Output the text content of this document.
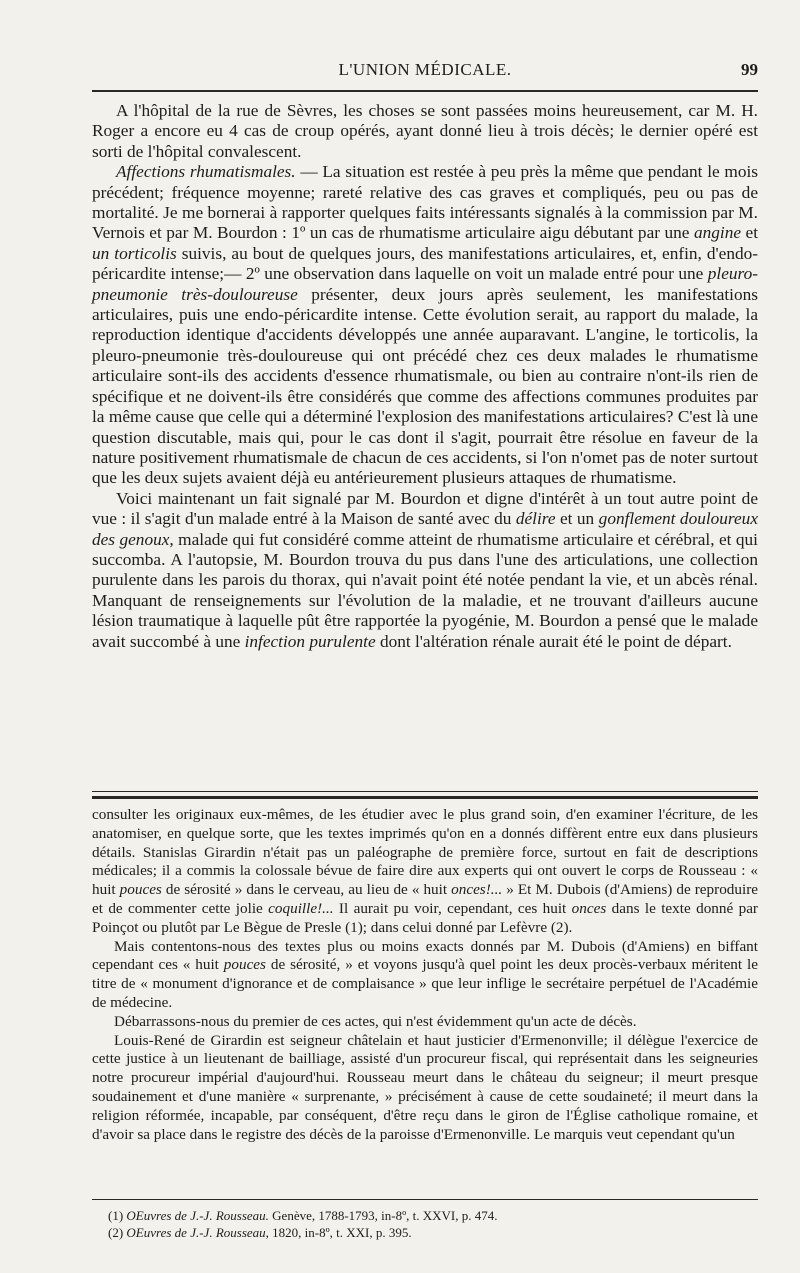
L'UNION MÉDICALE.	99

A l'hôpital de la rue de Sèvres, les choses se sont passées moins heureusement, car M. H. Roger a encore eu 4 cas de croup opérés, ayant donné lieu à trois décès; le dernier opéré est sorti de l'hôpital convalescent.

Affections rhumatismales. — La situation est restée à peu près la même que pendant le mois précédent; fréquence moyenne; rareté relative des cas graves et compliqués, peu ou pas de mortalité. Je me bornerai à rapporter quelques faits intéressants signalés à la commission par M. Vernois et par M. Bourdon : 1º un cas de rhumatisme articulaire aigu débutant par une angine et un torticolis suivis, au bout de quelques jours, des manifestations articulaires, et, enfin, d'endo-péricardite intense;— 2º une observation dans laquelle on voit un malade entré pour une pleuro-pneumonie très-douloureuse présenter, deux jours après seulement, les manifestations articulaires, puis une endo-péricardite intense. Cette évolution serait, au rapport du malade, la reproduction identique d'accidents développés une année auparavant. L'angine, le torticolis, la pleuro-pneumonie très-douloureuse qui ont précédé chez ces deux malades le rhumatisme articulaire sont-ils des accidents d'essence rhumatismale, ou bien au contraire n'ont-ils rien de spécifique et ne doivent-ils être considérés que comme des affections communes produites par la même cause que celle qui a déterminé l'explosion des manifestations articulaires? C'est là une question discutable, mais qui, pour le cas dont il s'agit, pourrait être résolue en faveur de la nature positivement rhumatismale de chacun de ces accidents, si l'on n'omet pas de noter surtout que les deux sujets avaient déjà eu antérieurement plusieurs attaques de rhumatisme.

Voici maintenant un fait signalé par M. Bourdon et digne d'intérêt à un tout autre point de vue : il s'agit d'un malade entré à la Maison de santé avec du délire et un gonflement douloureux des genoux, malade qui fut considéré comme atteint de rhumatisme articulaire et cérébral, et qui succomba. A l'autopsie, M. Bourdon trouva du pus dans l'une des articulations, une collection purulente dans les parois du thorax, qui n'avait point été notée pendant la vie, et un abcès rénal. Manquant de renseignements sur l'évolution de la maladie, et ne trouvant d'ailleurs aucune lésion traumatique à laquelle pût être rapportée la pyogénie, M. Bourdon a pensé que le malade avait succombé à une infection purulente dont l'altération rénale aurait été le point de départ.

consulter les originaux eux-mêmes, de les étudier avec le plus grand soin, d'en examiner l'écriture, de les anatomiser, en quelque sorte, que les textes imprimés qu'on en a donnés diffèrent entre eux dans plusieurs détails. Stanislas Girardin n'était pas un paléographe de première force, surtout en fait de descriptions médicales; il a commis la colossale bévue de faire dire aux experts qui ont ouvert le corps de Rousseau : « huit pouces de sérosité » dans le cerveau, au lieu de « huit onces!... » Et M. Dubois (d'Amiens) de reproduire et de commenter cette jolie coquille!... Il aurait pu voir, cependant, ces huit onces dans le texte donné par Poinçot ou plutôt par Le Bègue de Presle (1); dans celui donné par Lefèvre (2).

Mais contentons-nous des textes plus ou moins exacts donnés par M. Dubois (d'Amiens) en biffant cependant ces « huit pouces de sérosité, » et voyons jusqu'à quel point les deux procès-verbaux méritent le titre de « monument d'ignorance et de complaisance » que leur inflige le secrétaire perpétuel de l'Académie de médecine.

Débarrassons-nous du premier de ces actes, qui n'est évidemment qu'un acte de décès.

Louis-René de Girardin est seigneur châtelain et haut justicier d'Ermenonville; il délègue l'exercice de cette justice à un lieutenant de bailliage, assisté d'un procureur fiscal, qui représentait dans les seigneuries notre procureur impérial d'aujourd'hui. Rousseau meurt dans le château du seigneur; il meurt presque soudainement et d'une manière « surprenante, » précisément à cause de cette soudaineté; il meurt dans la religion réformée, incapable, par conséquent, d'être reçu dans le giron de l'Église catholique romaine, et d'avoir sa place dans le registre des décès de la paroisse d'Ermenonville. Le marquis veut cependant qu'un

(1) OEuvres de J.-J. Rousseau. Genève, 1788-1793, in-8º, t. XXVI, p. 474.
(2) OEuvres de J.-J. Rousseau, 1820, in-8º, t. XXI, p. 395.
